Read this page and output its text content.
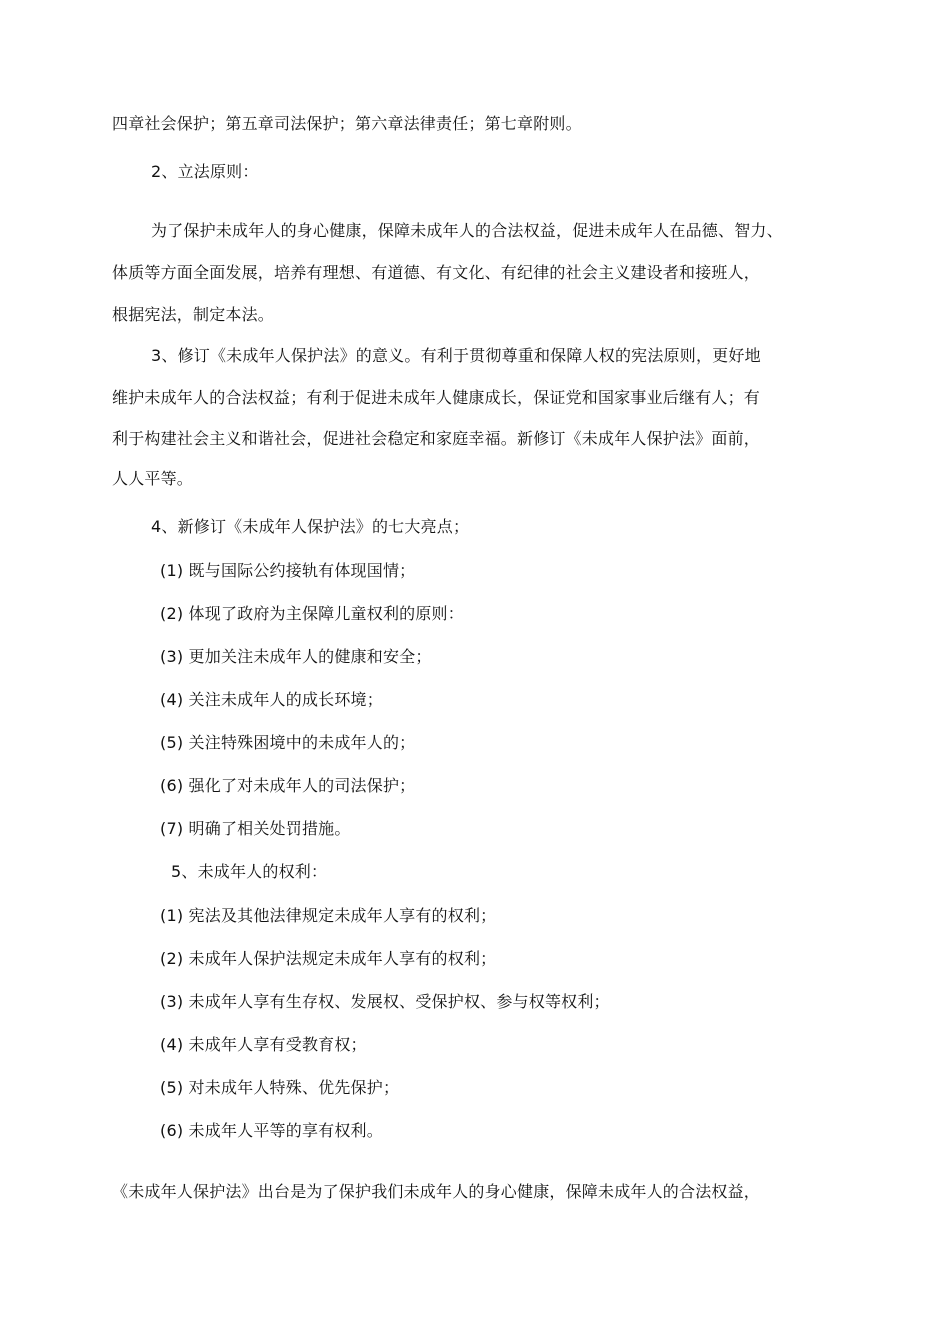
四章社会保护；第五章司法保护；第六章法律责任；第七章附则。
2、立法原则：
为了保护未成年人的身心健康，保障未成年人的合法权益，促进未成年人在品德、智力、
体质等方面全面发展，培养有理想、有道德、有文化、有纪律的社会主义建设者和接班人，
根据宪法，制定本法。
3、修订《未成年人保护法》的意义。有利于贯彻尊重和保障人权的宪法原则，更好地
维护未成年人的合法权益；有利于促进未成年人健康成长，保证党和国家事业后继有人；有
利于构建社会主义和谐社会，促进社会稳定和家庭幸福。新修订《未成年人保护法》面前，
人人平等。
4、新修订《未成年人保护法》的七大亮点；
(1) 既与国际公约接轨有体现国情；
(2) 体现了政府为主保障儿童权利的原则：
(3) 更加关注未成年人的健康和安全；
(4) 关注未成年人的成长环境；
(5) 关注特殊困境中的未成年人的；
(6) 强化了对未成年人的司法保护；
(7) 明确了相关处罚措施。
5、未成年人的权利：
(1) 宪法及其他法律规定未成年人享有的权利；
(2) 未成年人保护法规定未成年人享有的权利；
(3) 未成年人享有生存权、发展权、受保护权、参与权等权利；
(4) 未成年人享有受教育权；
(5) 对未成年人特殊、优先保护；
(6) 未成年人平等的享有权利。
《未成年人保护法》出台是为了保护我们未成年人的身心健康，保障未成年人的合法权益，
